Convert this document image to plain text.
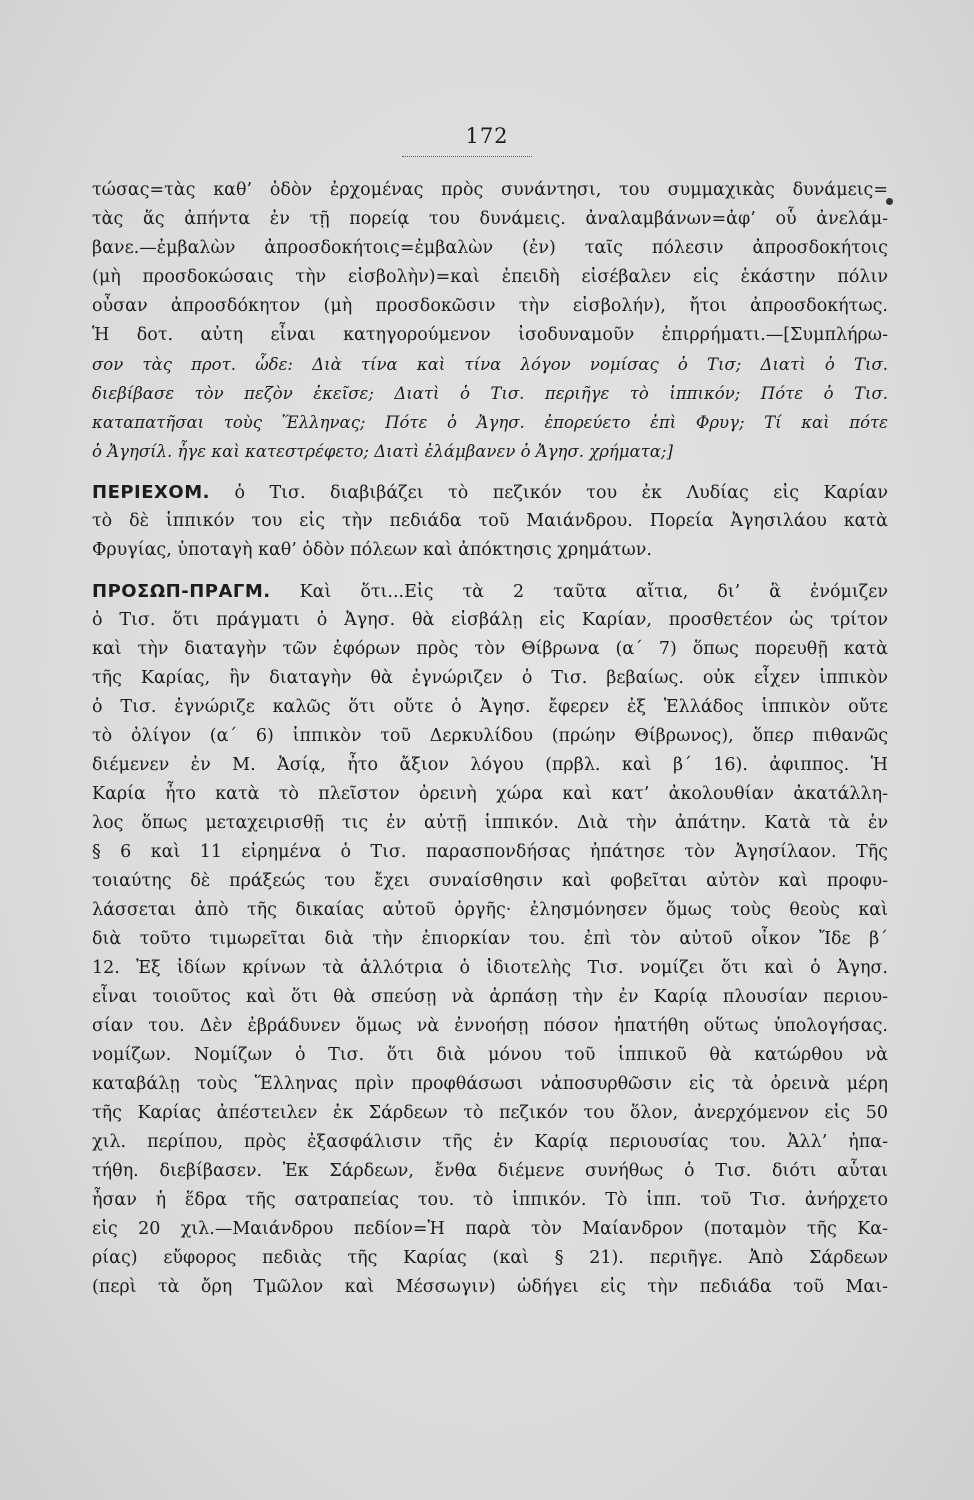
172
τώσας=τὰς καθ’ ὁδὸν ἐρχομένας πρὸς συνάντησι, του συμμαχικὰς δυνάμεις=
τὰς ἅς ἀπήντα ἐν τῇ πορείᾳ του δυνάμεις. ἀναλαμβάνων=ἀφ’ οὗ ἀνελάμ-
βανε.—ἐμβαλὼν ἀπροσδοκήτοις=ἐμβαλὼν (ἐν) ταῖς πόλεσιν ἀπροσδοκήτοις
(μὴ προσδοκώσαις τὴν εἰσβολὴν)=καὶ ἐπειδὴ εἰσέβαλεν εἰς ἑκάστην πόλιν
οὖσαν ἀπροσδόκητον (μὴ προσδοκῶσιν τὴν εἰσβολήν), ἤτοι ἀπροσδοκήτως.
Ἡ δοτ. αὐτη εἶναι κατηγορούμενον ἰσοδυναμοῦν ἐπιρρήματι.—[Συμπλήρω-
σον τὰς προτ. ὧδε: Διὰ τίνα καὶ τίνα λόγον νομίσας ὁ Τισ; Διατὶ ὁ Τισ.
διεβίβασε τὸν πεζὸν ἐκεῖσε; Διατὶ ὁ Τισ. περιῆγε τὸ ἱππικόν; Πότε ὁ Τισ.
καταπατῆσαι τοὺς Ἕλληνας; Πότε ὁ Ἀγησ. ἐπορεύετο ἐπὶ Φρυγ; Τί καὶ πότε
ὁ Ἀγησίλ. ἦγε καὶ κατεστρέφετο; Διατὶ ἐλάμβανεν ὁ Ἀγησ. χρήματα;]
ΠΕΡΙΕΧΟΜ. ὁ Τισ. διαβιβάζει τὸ πεζικόν του ἐκ Λυδίας εἰς Καρίαν
τὸ δὲ ἱππικόν του εἰς τὴν πεδιάδα τοῦ Μαιάνδρου. Πορεία Ἀγησιλάου κατὰ
Φρυγίας, ὑποταγὴ καθ’ ὁδὸν πόλεων καὶ ἀπόκτησις χρημάτων.
ΠΡΟΣΩΠ-ΠΡΑΓΜ. Καὶ ὅτι...Εἰς τὰ 2 ταῦτα αἴτια, δι’ ἃ ἐνόμιζεν
ὁ Τισ. ὅτι πράγματι ὁ Ἀγησ. θὰ εἰσβάλῃ εἰς Καρίαν, προσθετέον ὡς τρίτον
καὶ τὴν διαταγὴν τῶν ἐφόρων πρὸς τὸν Θίβρωνα (α´ 7) ὅπως πορευθῇ κατὰ
τῆς Καρίας, ἣν διαταγὴν θὰ ἐγνώριζεν ὁ Τισ. βεβαίως. οὐκ εἶχεν ἱππικὸν
ὁ Τισ. ἐγνώριζε καλῶς ὅτι οὔτε ὁ Ἀγησ. ἔφερεν ἐξ Ἑλλάδος ἱππικὸν οὔτε
τὸ ὀλίγον (α´ 6) ἱππικὸν τοῦ Δερκυλίδου (πρώην Θίβρωνος), ὅπερ πιθανῶς
διέμενεν ἐν Μ. Ἀσίᾳ, ἦτο ἄξιον λόγου (πρβλ. καὶ β´ 16). ἀφιππος. Ἡ
Καρία ἦτο κατὰ τὸ πλεῖστον ὀρεινὴ χώρα καὶ κατ’ ἀκολουθίαν ἀκατάλλη-
λος ὅπως μεταχειρισθῇ τις ἐν αὐτῇ ἱππικόν. Διὰ τὴν ἀπάτην. Κατὰ τὰ ἐν
§ 6 καὶ 11 εἰρημένα ὁ Τισ. παρασπονδήσας ἠπάτησε τὸν Ἀγησίλαον. Τῆς
τοιαύτης δὲ πράξεώς του ἔχει συναίσθησιν καὶ φοβεῖται αὐτὸν καὶ προφυ-
λάσσεται ἀπὸ τῆς δικαίας αὐτοῦ ὀργῆς· ἐλησμόνησεν ὅμως τοὺς θεοὺς καὶ
διὰ τοῦτο τιμωρεῖται διὰ τὴν ἐπιορκίαν του. ἐπὶ τὸν αὐτοῦ οἶκον Ἴδε β´
12. Ἐξ ἰδίων κρίνων τὰ ἀλλότρια ὁ ἰδιοτελὴς Τισ. νομίζει ὅτι καὶ ὁ Ἀγησ.
εἶναι τοιοῦτος καὶ ὅτι θὰ σπεύσῃ νὰ ἁρπάσῃ τὴν ἐν Καρίᾳ πλουσίαν περιου-
σίαν του. Δὲν ἐβράδυνεν ὅμως νὰ ἐννοήσῃ πόσον ἠπατήθη οὕτως ὑπολογήσας.
νομίζων. Νομίζων ὁ Τισ. ὅτι διὰ μόνου τοῦ ἱππικοῦ θὰ κατώρθου νὰ
καταβάλῃ τοὺς Ἕλληνας πρὶν προφθάσωσι νἀποσυρθῶσιν εἰς τὰ ὀρεινὰ μέρη
τῆς Καρίας ἀπέστειλεν ἐκ Σάρδεων τὸ πεζικόν του ὅλον, ἀνερχόμενον εἰς 50
χιλ. περίπου, πρὸς ἐξασφάλισιν τῆς ἐν Καρίᾳ περιουσίας του. Ἀλλ’ ἠπα-
τήθη. διεβίβασεν. Ἐκ Σάρδεων, ἔνθα διέμενε συνήθως ὁ Τισ. διότι αὗται
ἦσαν ἡ ἕδρα τῆς σατραπείας του. τὸ ἱππικόν. Τὸ ἱππ. τοῦ Τισ. ἀνήρχετο
εἰς 20 χιλ.—Μαιάνδρου πεδίον=Ἡ παρὰ τὸν Μαίανδρον (ποταμὸν τῆς Κα-
ρίας) εὔφορος πεδιὰς τῆς Καρίας (καὶ § 21). περιῆγε. Ἀπὸ Σάρδεων
(περὶ τὰ ὄρη Τμῶλον καὶ Μέσσωγιν) ὡδήγει εἰς τὴν πεδιάδα τοῦ Μαι-
